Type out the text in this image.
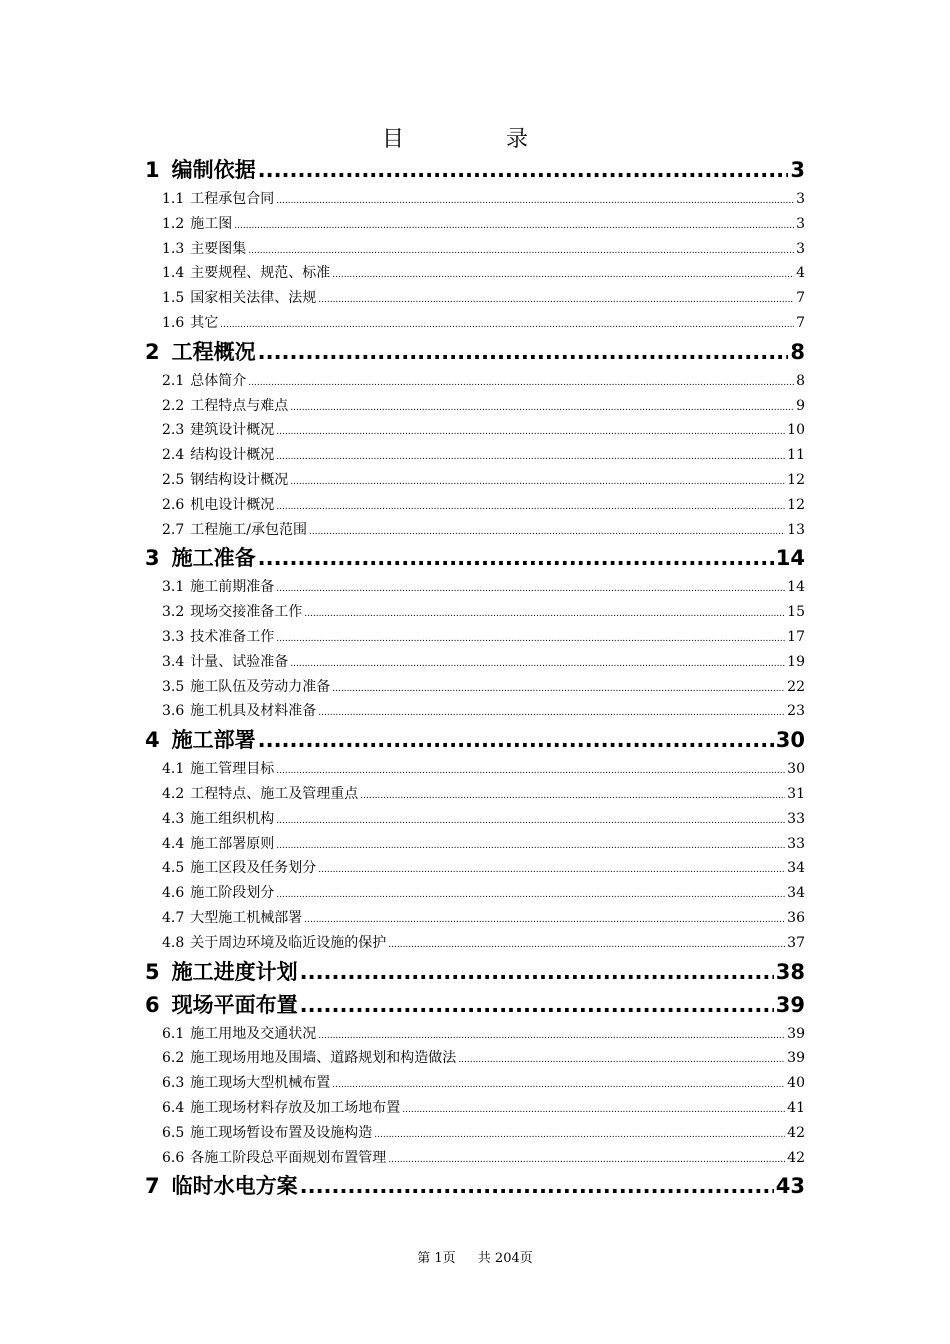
目　录
1 编制依据 .....	3
1.1 工程承包合同 .....	3
1.2 施工图 .....	3
1.3 主要图集 .....	3
1.4 主要规程、规范、标准 .....	4
1.5 国家相关法律、法规 .....	7
1.6 其它 .....	7
2 工程概况 .....	8
2.1 总体简介 .....	8
2.2 工程特点与难点 .....	9
2.3 建筑设计概况 .....	10
2.4 结构设计概况 .....	11
2.5 钢结构设计概况 .....	12
2.6 机电设计概况 .....	12
2.7 工程施工/承包范围 .....	13
3 施工准备 .....	14
3.1 施工前期准备 .....	14
3.2 现场交接准备工作 .....	15
3.3 技术准备工作 .....	17
3.4 计量、试验准备 .....	19
3.5 施工队伍及劳动力准备 .....	22
3.6 施工机具及材料准备 .....	23
4 施工部署 .....	30
4.1 施工管理目标 .....	30
4.2 工程特点、施工及管理重点 .....	31
4.3 施工组织机构 .....	33
4.4 施工部署原则 .....	33
4.5 施工区段及任务划分 .....	34
4.6 施工阶段划分 .....	34
4.7 大型施工机械部署 .....	36
4.8 关于周边环境及临近设施的保护 .....	37
5 施工进度计划 .....	38
6 现场平面布置 .....	39
6.1 施工用地及交通状况 .....	39
6.2 施工现场用地及围墙、道路规划和构造做法 .....	39
6.3 施工现场大型机械布置 .....	40
6.4 施工现场材料存放及加工场地布置 .....	41
6.5 施工现场暂设布置及设施构造 .....	42
6.6 各施工阶段总平面规划布置管理 .....	42
7 临时水电方案 .....	43
第 1页 共 204页
